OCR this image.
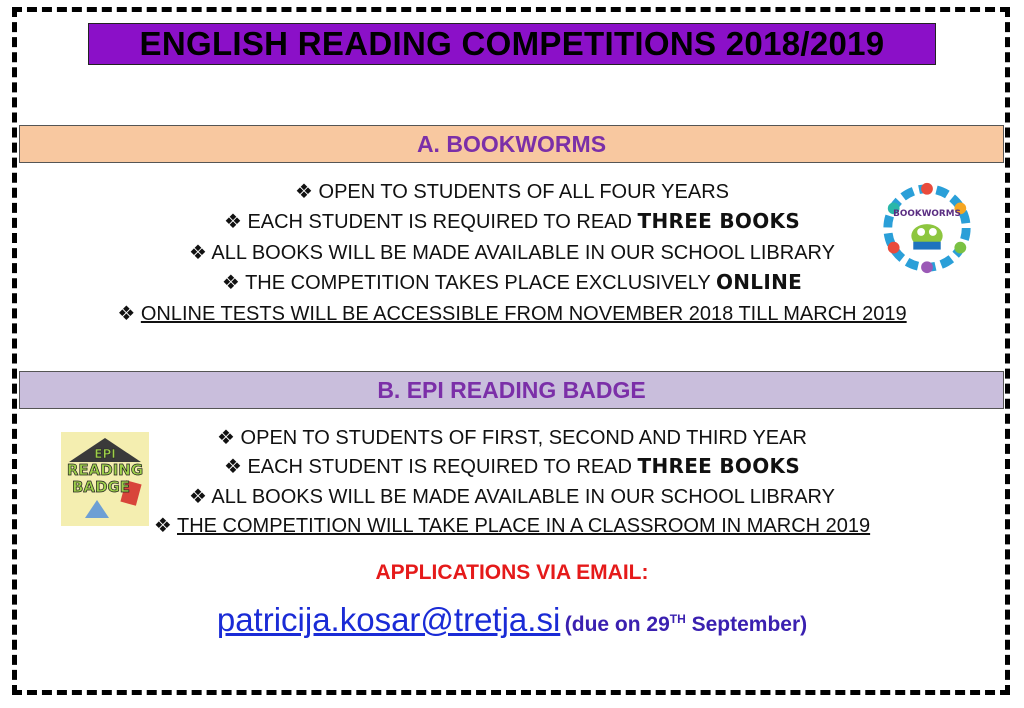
ENGLISH READING COMPETITIONS 2018/2019
A. BOOKWORMS
❖ OPEN TO STUDENTS OF ALL FOUR YEARS
❖ EACH STUDENT IS REQUIRED TO READ THREE BOOKS
❖ ALL BOOKS WILL BE MADE AVAILABLE IN OUR SCHOOL LIBRARY
❖ THE COMPETITION TAKES PLACE EXCLUSIVELY ONLINE
❖ ONLINE TESTS WILL BE ACCESSIBLE FROM NOVEMBER 2018 TILL MARCH 2019
BOOKWORMS
B. EPI READING BADGE
❖ OPEN TO STUDENTS OF FIRST, SECOND AND THIRD YEAR
❖ EACH STUDENT IS REQUIRED TO READ THREE BOOKS
❖ ALL BOOKS WILL BE MADE AVAILABLE IN OUR SCHOOL LIBRARY
❖ THE COMPETITION WILL TAKE PLACE IN A CLASSROOM IN MARCH 2019
EPI
READING
BADGE
APPLICATIONS VIA EMAIL:
patricija.kosar@tretja.si (due on 29TH September)
